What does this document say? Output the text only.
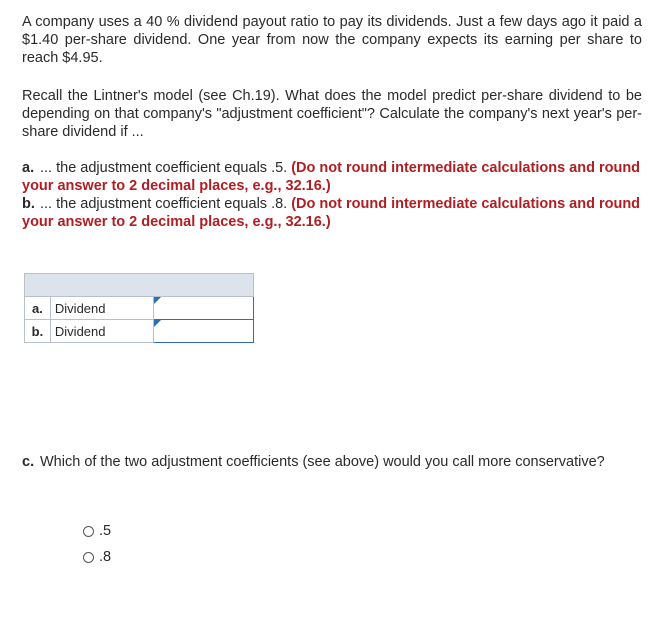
A company uses a 40 % dividend payout ratio to pay its dividends. Just a few days ago it paid a $1.40 per-share dividend. One year from now the company expects its earning per share to reach $4.95.

Recall the Lintner's model (see Ch.19). What does the model predict per-share dividend to be depending on that company's "adjustment coefficient"? Calculate the company's next year's per-share dividend if ...

a. ... the adjustment coefficient equals .5. (Do not round intermediate calculations and round your answer to 2 decimal places, e.g., 32.16.)
b. ... the adjustment coefficient equals .8. (Do not round intermediate calculations and round your answer to 2 decimal places, e.g., 32.16.)

a.	Dividend	

b.	Dividend	
c. Which of the two adjustment coefficients (see above) would you call more conservative?
.5
.8
